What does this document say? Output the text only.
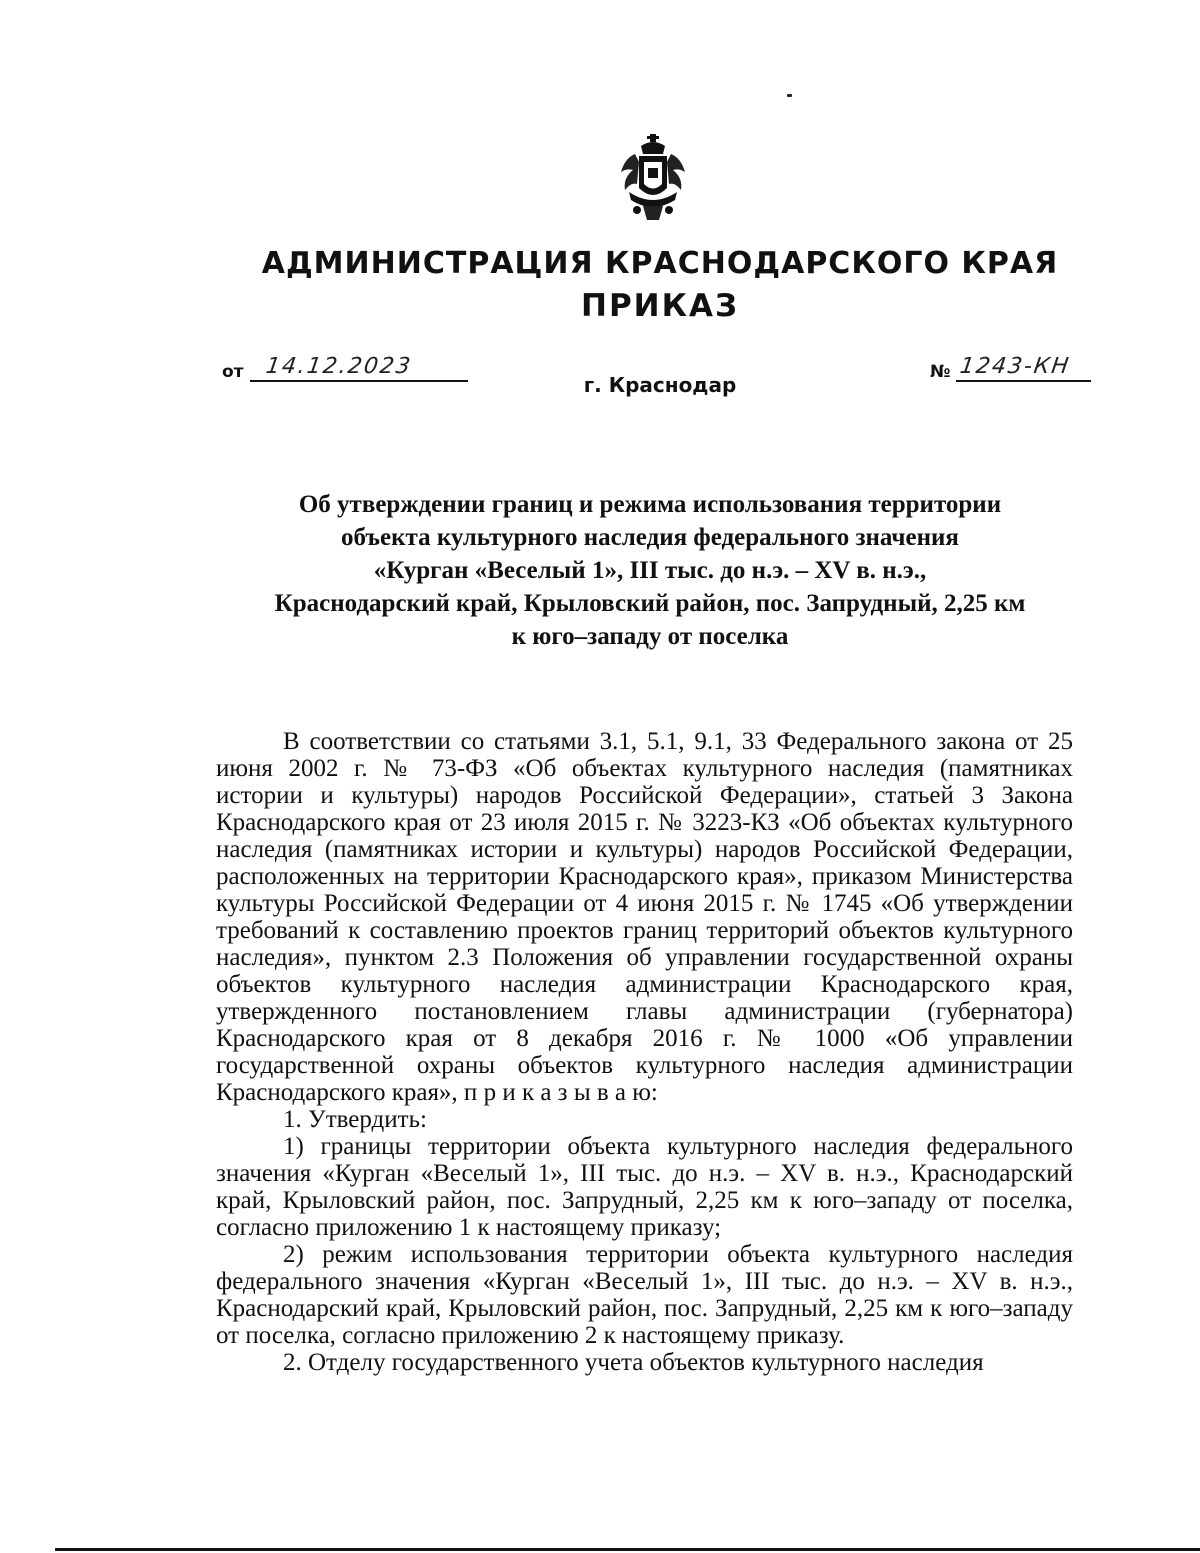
АДМИНИСТРАЦИЯ КРАСНОДАРСКОГО КРАЯ
ПРИКАЗ
от 14.12.2023	№ 1243-КН

г. Краснодар

Об утверждении границ и режима использования территории
объекта культурного наследия федерального значения
«Курган «Веселый 1», III тыс. до н.э. – XV в. н.э.,
Краснодарский край, Крыловский район, пос. Запрудный, 2,25 км
к юго–западу от поселка

В соответствии со статьями 3.1, 5.1, 9.1, 33 Федерального закона от 25 июня 2002 г. № 73-ФЗ «Об объектах культурного наследия (памятниках истории и культуры) народов Российской Федерации», статьей 3 Закона Краснодарского края от 23 июля 2015 г. № 3223-КЗ «Об объектах культурного наследия (памятниках истории и культуры) народов Российской Федерации, расположенных на территории Краснодарского края», приказом Министерства культуры Российской Федерации от 4 июня 2015 г. № 1745 «Об утверждении требований к составлению проектов границ территорий объектов культурного наследия», пунктом 2.3 Положения об управлении государственной охраны объектов культурного наследия администрации Краснодарского края, утвержденного постановлением главы администрации (губернатора) Краснодарского края от 8 декабря 2016 г. № 1000 «Об управлении государственной охраны объектов культурного наследия администрации Краснодарского края», п р и к а з ы в а ю:

1. Утвердить:

1) границы территории объекта культурного наследия федерального значения «Курган «Веселый 1», III тыс. до н.э. – XV в. н.э., Краснодарский край, Крыловский район, пос. Запрудный, 2,25 км к юго–западу от поселка, согласно приложению 1 к настоящему приказу;

2) режим использования территории объекта культурного наследия федерального значения «Курган «Веселый 1», III тыс. до н.э. – XV в. н.э., Краснодарский край, Крыловский район, пос. Запрудный, 2,25 км к юго–западу от поселка, согласно приложению 2 к настоящему приказу.

2. Отделу государственного учета объектов культурного наследия
